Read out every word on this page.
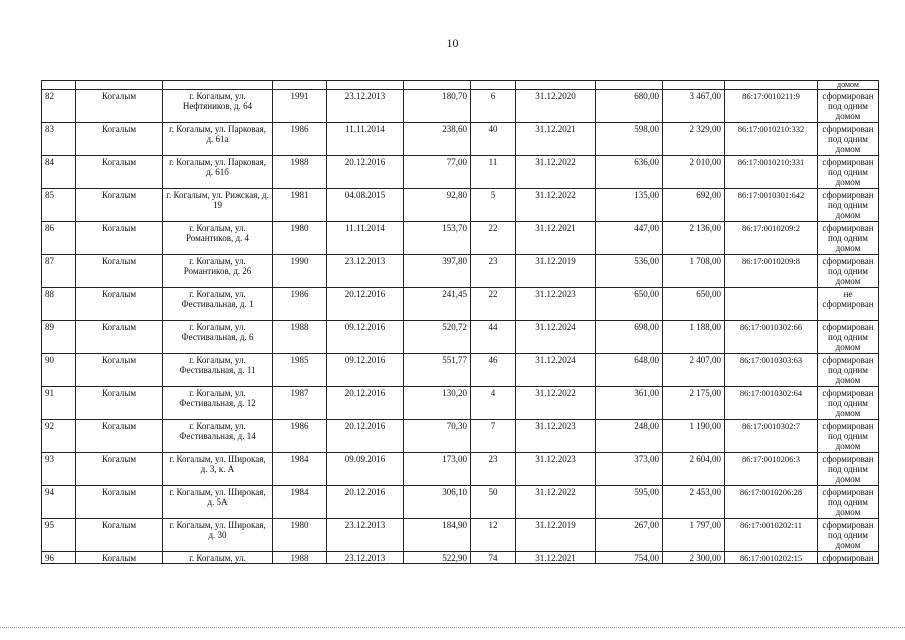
10
											домом
82	Когалым	г. Когалым, ул. Нефтяников, д. 64	1991	23.12.2013	180,70	6	31.12.2020	680,00	3 467,00	86:17:0010211:9	сформирован под одним домом
83	Когалым	г. Когалым, ул. Парковая, д. 61а	1986	11.11.2014	238,60	40	31.12.2021	598,00	2 329,00	86:17:0010210:332	сформирован под одним домом
84	Когалым	г. Когалым, ул. Парковая, д. 61б	1988	20.12.2016	77,00	11	31.12.2022	636,00	2 010,00	86:17:0010210:331	сформирован под одним домом
85	Когалым	г. Когалым, ул. Рижская, д. 19	1981	04.08.2015	92,80	5	31.12.2022	135,00	692,00	86:17:0010301:642	сформирован под одним домом
86	Когалым	г. Когалым, ул. Романтиков, д. 4	1980	11.11.2014	153,70	22	31.12.2021	447,00	2 136,00	86:17:0010209:2	сформирован под одним домом
87	Когалым	г. Когалым, ул. Романтиков, д. 26	1990	23.12.2013	397,80	23	31.12.2019	536,00	1 708,00	86:17:0010209:8	сформирован под одним домом
88	Когалым	г. Когалым, ул. Фестивальная, д. 1	1986	20.12.2016	241,45	22	31.12.2023	650,00	650,00		не сформирован
89	Когалым	г. Когалым, ул. Фестивальная, д. 6	1988	09.12.2016	520,72	44	31.12.2024	698,00	1 188,00	86:17:0010302:66	сформирован под одним домом
90	Когалым	г. Когалым, ул. Фестивальная, д. 11	1985	09.12.2016	551,77	46	31.12.2024	648,00	2 407,00	86:17:0010303:63	сформирован под одним домом
91	Когалым	г. Когалым, ул. Фестивальная, д. 12	1987	20.12.2016	130,20	4	31.12.2022	361,00	2 175,00	86:17:0010302:64	сформирован под одним домом
92	Когалым	г. Когалым, ул. Фестивальная, д. 14	1986	20.12.2016	70,30	7	31.12.2023	248,00	1 190,00	86:17:0010302:7	сформирован под одним домом
93	Когалым	г. Когалым, ул. Широкая, д. 3, к. А	1984	09.09.2016	173,00	23	31.12.2023	373,00	2 604,00	86:17:0010206:3	сформирован под одним домом
94	Когалым	г. Когалым, ул. Широкая, д. 5А	1984	20.12.2016	306,10	50	31.12.2022	595,00	2 453,00	86:17:0010206:28	сформирован под одним домом
95	Когалым	г. Когалым, ул. Широкая, д. 30	1980	23.12.2013	184,90	12	31.12.2019	267,00	1 797,00	86:17:0010202:11	сформирован под одним домом
96	Когалым	г. Когалым, ул.	1988	23.12.2013	522,90	74	31.12.2021	754,00	2 300,00	86:17:0010202:15	сформирован
